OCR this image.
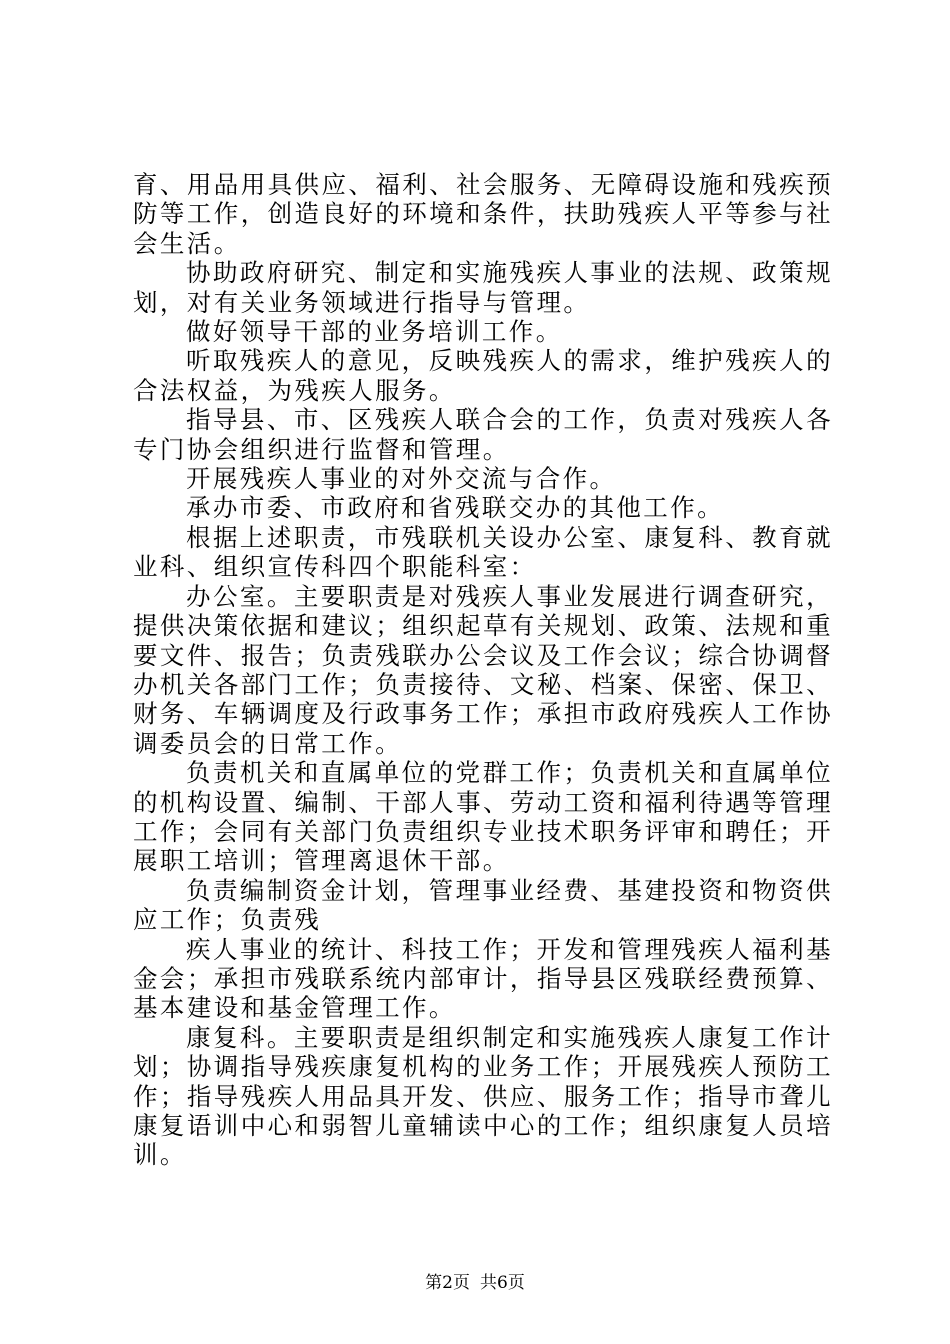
育、用品用具供应、福利、社会服务、无障碍设施和残疾预防等工作，创造良好的环境和条件，扶助残疾人平等参与社会生活。

协助政府研究、制定和实施残疾人事业的法规、政策规划，对有关业务领域进行指导与管理。

做好领导干部的业务培训工作。

听取残疾人的意见，反映残疾人的需求，维护残疾人的合法权益，为残疾人服务。

指导县、市、区残疾人联合会的工作，负责对残疾人各专门协会组织进行监督和管理。

开展残疾人事业的对外交流与合作。

承办市委、市政府和省残联交办的其他工作。

根据上述职责，市残联机关设办公室、康复科、教育就业科、组织宣传科四个职能科室：

办公室。主要职责是对残疾人事业发展进行调查研究，提供决策依据和建议；组织起草有关规划、政策、法规和重要文件、报告；负责残联办公会议及工作会议；综合协调督办机关各部门工作；负责接待、文秘、档案、保密、保卫、财务、车辆调度及行政事务工作；承担市政府残疾人工作协调委员会的日常工作。

负责机关和直属单位的党群工作；负责机关和直属单位的机构设置、编制、干部人事、劳动工资和福利待遇等管理工作；会同有关部门负责组织专业技术职务评审和聘任；开展职工培训；管理离退休干部。

负责编制资金计划，管理事业经费、基建投资和物资供应工作；负责残

疾人事业的统计、科技工作；开发和管理残疾人福利基金会；承担市残联系统内部审计，指导县区残联经费预算、基本建设和基金管理工作。

康复科。主要职责是组织制定和实施残疾人康复工作计划；协调指导残疾康复机构的业务工作；开展残疾人预防工作；指导残疾人用品具开发、供应、服务工作；指导市聋儿康复语训中心和弱智儿童辅读中心的工作；组织康复人员培训。

第2页 共6页
